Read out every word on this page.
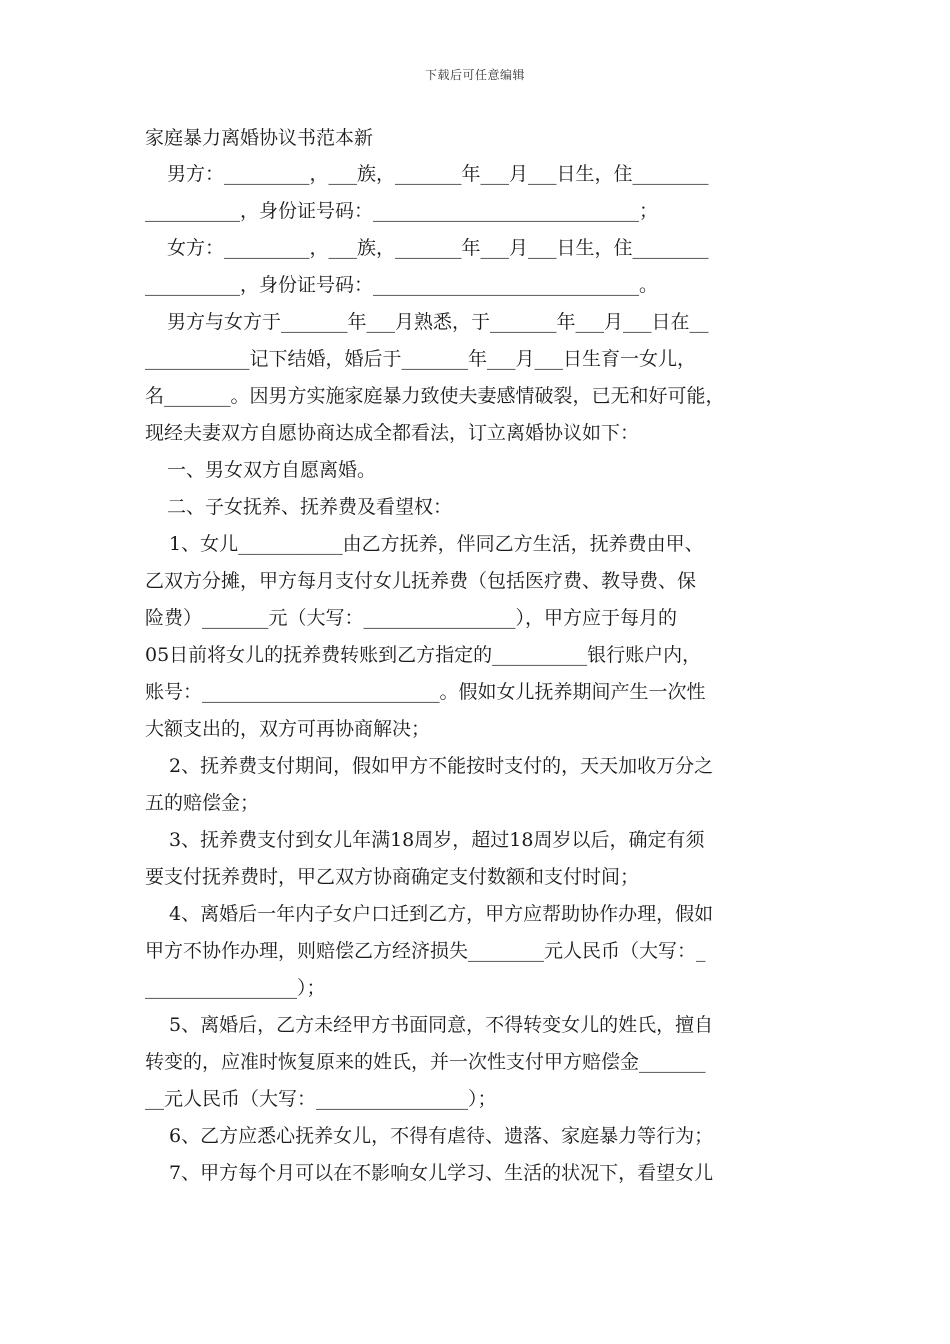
下载后可任意编辑
家庭暴力离婚协议书范本新

男方：_________，___族，_______年___月___日生，住________

__________，身份证号码：____________________________；

女方：_________，___族，_______年___月___日生，住________

__________，身份证号码：____________________________。

男方与女方于_______年___月熟悉，于_______年___月___日在__

___________记下结婚，婚后于_______年___月___日生育一女儿，

名_______。因男方实施家庭暴力致使夫妻感情破裂，已无和好可能，

现经夫妻双方自愿协商达成全都看法，订立离婚协议如下：

一、男女双方自愿离婚。

二、子女抚养、抚养费及看望权：

1、女儿___________由乙方抚养，伴同乙方生活，抚养费由甲、

乙双方分摊，甲方每月支付女儿抚养费（包括医疗费、教导费、保

险费）_______元（大写：________________），甲方应于每月的

05日前将女儿的抚养费转账到乙方指定的__________银行账户内，

账号：_________________________。假如女儿抚养期间产生一次性

大额支出的，双方可再协商解决；

2、抚养费支付期间，假如甲方不能按时支付的，天天加收万分之

五的赔偿金；

3、抚养费支付到女儿年满18周岁，超过18周岁以后，确定有须

要支付抚养费时，甲乙双方协商确定支付数额和支付时间；

4、离婚后一年内子女户口迁到乙方，甲方应帮助协作办理，假如

甲方不协作办理，则赔偿乙方经济损失________元人民币（大写：_

________________）；

5、离婚后，乙方未经甲方书面同意，不得转变女儿的姓氏，擅自

转变的，应准时恢复原来的姓氏，并一次性支付甲方赔偿金_______

__元人民币（大写：________________）；

6、乙方应悉心抚养女儿，不得有虐待、遗落、家庭暴力等行为；

7、甲方每个月可以在不影响女儿学习、生活的状况下，看望女儿
